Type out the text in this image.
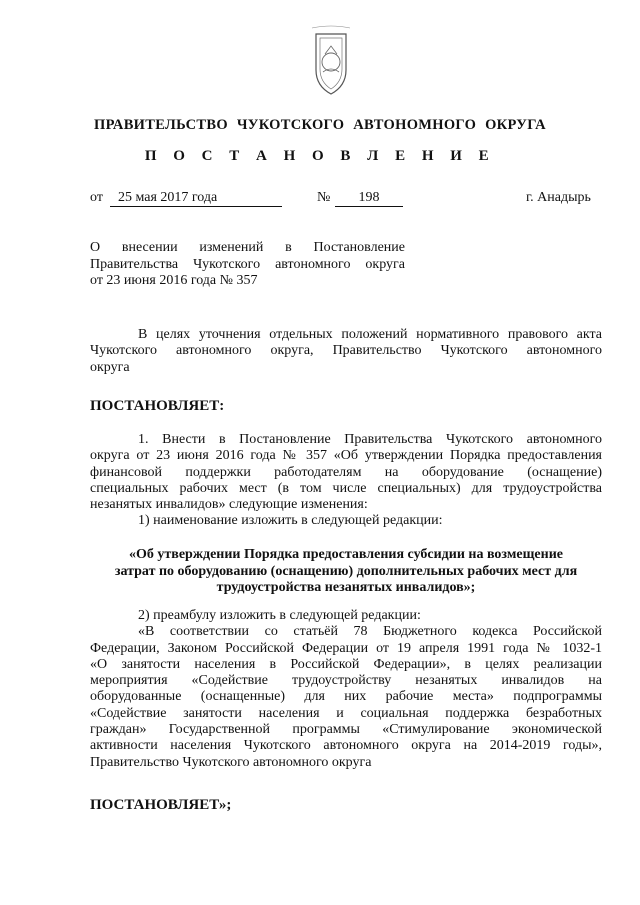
ПРАВИТЕЛЬСТВО ЧУКОТСКОГО АВТОНОМНОГО ОКРУГА
П О С Т А Н О В Л Е Н И Е
от	25 мая 2017 года	№	198	г. Анадырь
О внесении изменений в Постановление
Правительства Чукотского автономного округа
от 23 июня 2016 года № 357
В целях уточнения отдельных положений нормативного правового акта
Чукотского автономного округа, Правительство Чукотского автономного
округа
ПОСТАНОВЛЯЕТ:
1. Внести в Постановление Правительства Чукотского автономного
округа от 23 июня 2016 года № 357 «Об утверждении Порядка предоставления
финансовой поддержки работодателям на оборудование (оснащение)
специальных рабочих мест (в том числе специальных) для трудоустройства
незанятых инвалидов» следующие изменения:
1) наименование изложить в следующей редакции:
«Об утверждении Порядка предоставления субсидии на возмещение
затрат по оборудованию (оснащению) дополнительных рабочих мест для
трудоустройства незанятых инвалидов»;
2) преамбулу изложить в следующей редакции:
«В соответствии со статьёй 78 Бюджетного кодекса Российской
Федерации, Законом Российской Федерации от 19 апреля 1991 года № 1032-1
«О занятости населения в Российской Федерации», в целях реализации
мероприятия «Содействие трудоустройству незанятых инвалидов на
оборудованные (оснащенные) для них рабочие места» подпрограммы
«Содействие занятости населения и социальная поддержка безработных
граждан» Государственной программы «Стимулирование экономической
активности населения Чукотского автономного округа на 2014-2019 годы»,
Правительство Чукотского автономного округа
ПОСТАНОВЛЯЕТ»;
